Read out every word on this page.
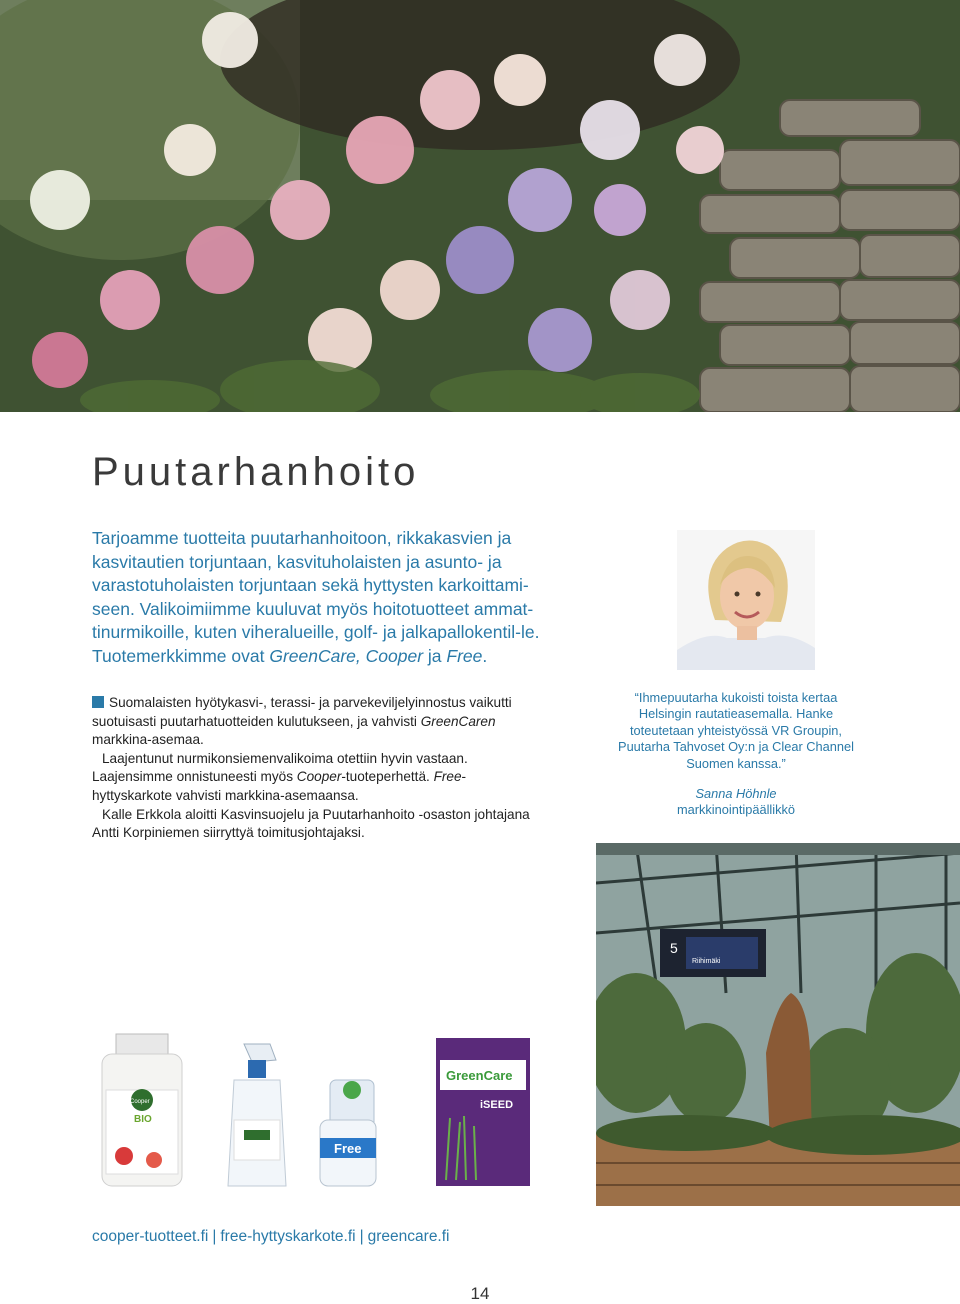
Puutarhanhoito

Tarjoamme tuotteita puutarhanhoitoon, rikkakasvien ja kasvitautien torjuntaan, kasvituholaisten ja asunto- ja varastotuholaisten torjuntaan sekä hyttysten karkoittami-seen. Valikoimiimme kuuluvat myös hoitotuotteet ammat-tinurmikoille, kuten viheralueille, golf- ja jalkapallokentil-le. Tuotemerkkimme ovat GreenCare, Cooper ja Free.

Suomalaisten hyötykasvi-, terassi- ja parvekeviljelyinnostus vaikutti suotuisasti puutarhatuotteiden kulutukseen, ja vahvisti GreenCaren markkina-asemaa.

Laajentunut nurmikonsiemenvalikoima otettiin hyvin vastaan.

Laajensimme onnistuneesti myös Cooper-tuoteperhettä. Free-hyttyskarkote vahvisti markkina-asemaansa.

Kalle Erkkola aloitti Kasvinsuojelu ja Puutarhanhoito -osaston johtajana Antti Korpiniemen siirryttyä toimitusjohtajaksi.

“Ihmepuutarha kukoisti toista kertaa Helsingin rautatieasemalla. Hanke toteutetaan yhteistyössä VR Groupin, Puutarha Tahvoset Oy:n ja Clear Channel Suomen kanssa.”

Sanna Höhnle

markkinointipäällikkö

5
Riihimäki
Cooper
BIO
Free
GreenCare
iSEED

cooper-tuotteet.fi | free-hyttyskarkote.fi | greencare.fi

14
